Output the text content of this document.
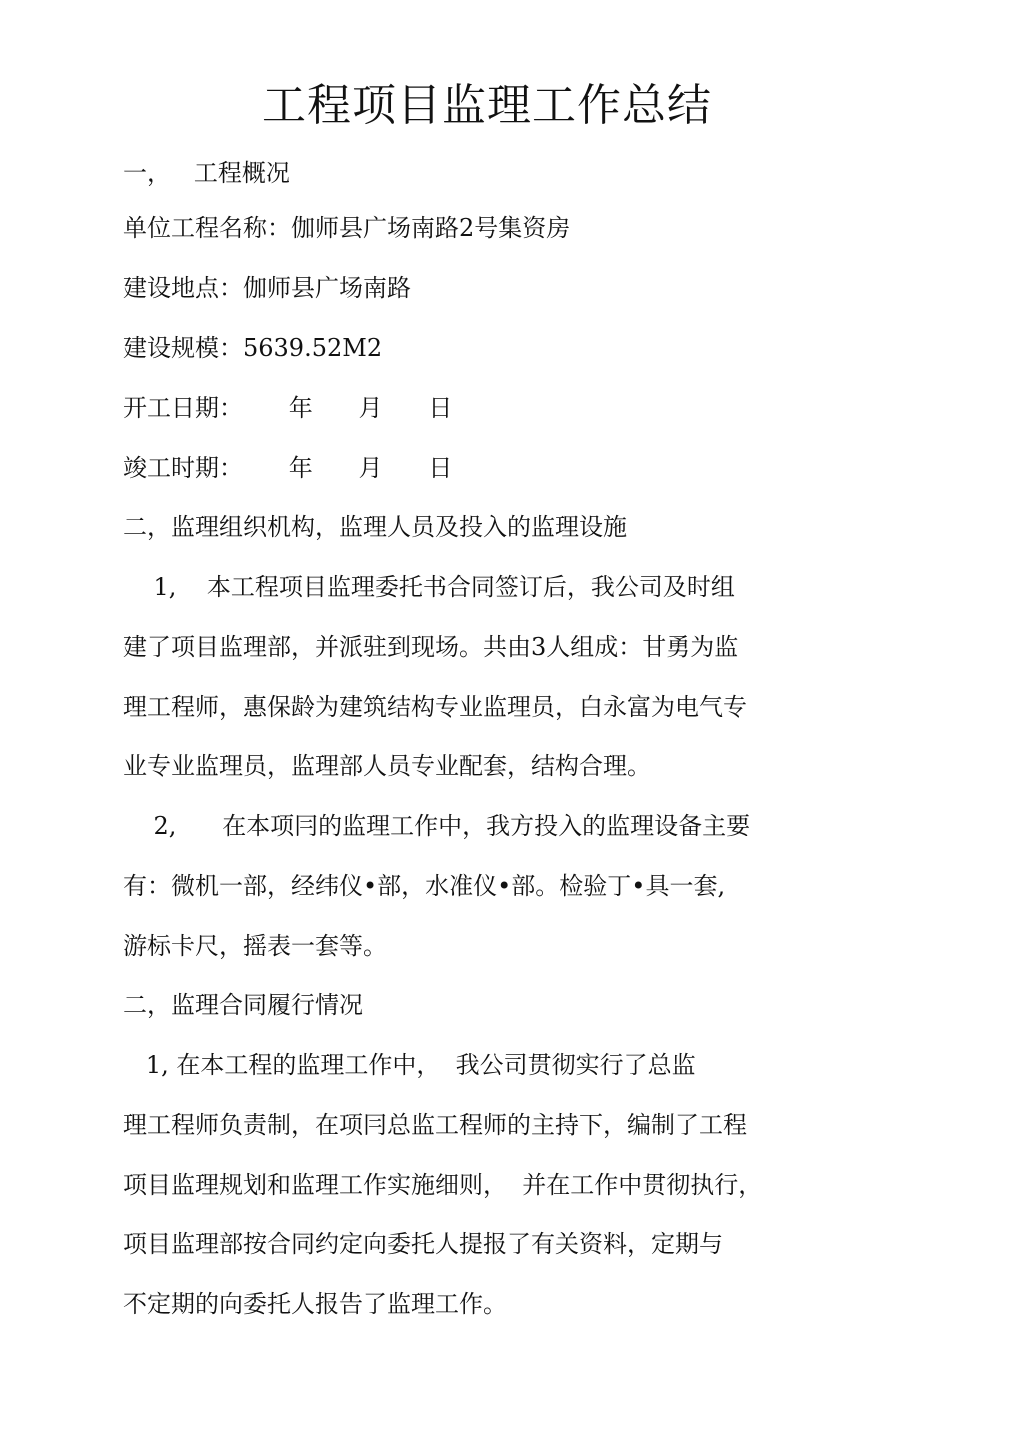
工程项目监理工作总结
一，   工程概况
单位工程名称：伽师县广场南路2号集资房
建设地点：伽师县广场南路
建设规模：5639.52M2
开工日期：      年      月      日
竣工时期：      年      月      日
二，监理组织机构，监理人员及投入的监理设施
1,    本工程项目监理委托书合同签订后，我公司及时组
建了项目监理部，并派驻到现场。共由3人组成：甘勇为监
理工程师，惠保龄为建筑结构专业监理员，白永富为电气专
业专业监理员，监理部人员专业配套，结构合理。
2,      在本项冃的监理工作中，我方投入的监理设备主要
有：微机一部，经纬仪•部，水准仪•部。检验丁•具一套,
游标卡尺，摇表一套等。
二，监理合同履行情况
1, 在本工程的监理工作中，  我公司贯彻实行了总监
理工程师负责制，在项冃总监工程师的主持下，编制了工程
项目监理规划和监理工作实施细则，  并在工作中贯彻执行，
项目监理部按合同约定向委托人提报了有关资料，定期与
不定期的向委托人报告了监理工作。
